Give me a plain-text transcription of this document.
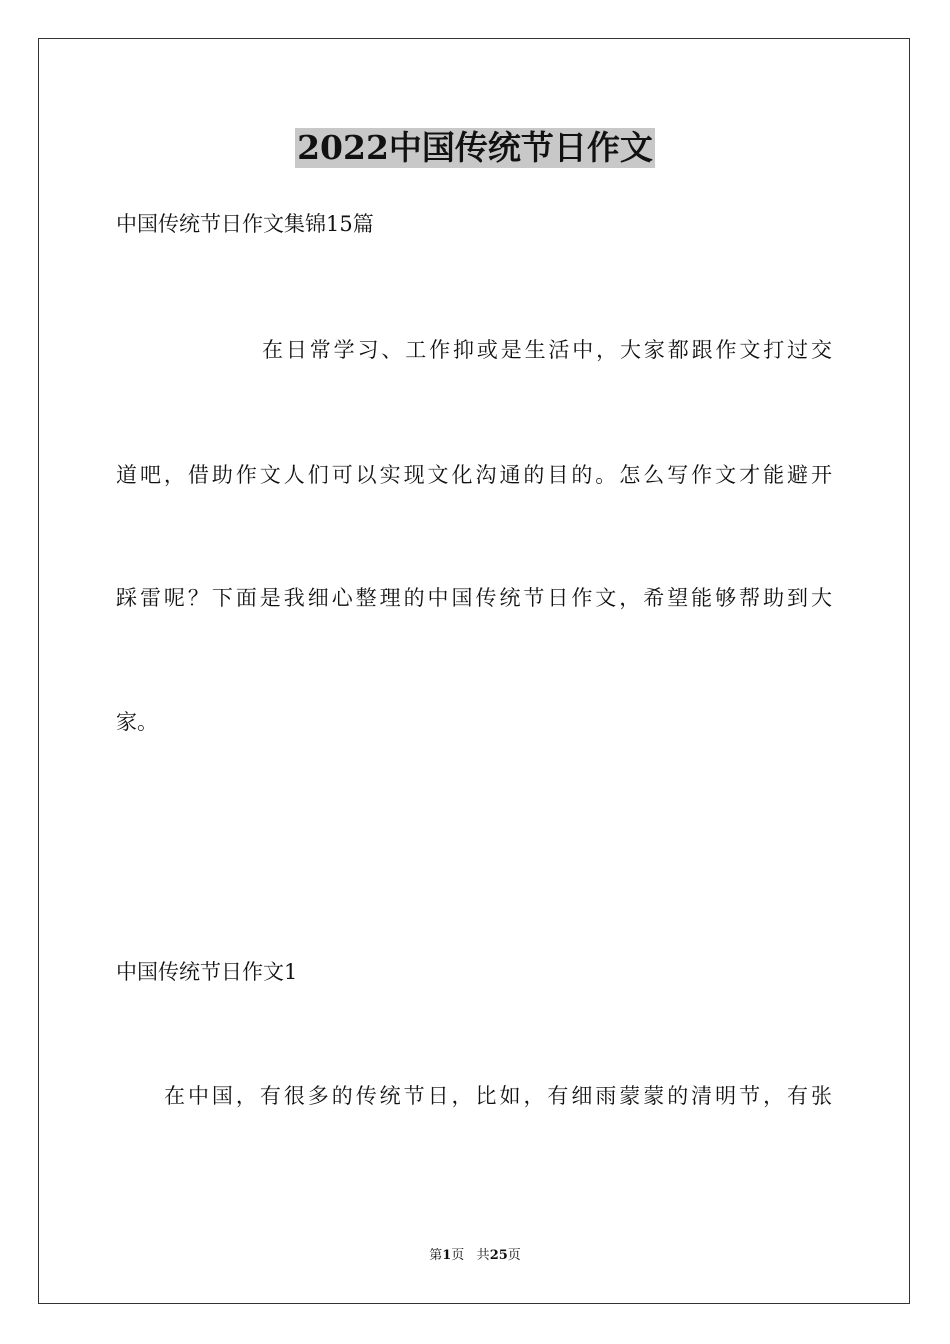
2022中国传统节日作文
中国传统节日作文集锦15篇
在日常学习、工作抑或是生活中，大家都跟作文打过交
道吧，借助作文人们可以实现文化沟通的目的。怎么写作文才能避开
踩雷呢？下面是我细心整理的中国传统节日作文，希望能够帮助到大
家。
中国传统节日作文1
在中国，有很多的传统节日，比如，有细雨蒙蒙的清明节，有张
第1页 共25页
